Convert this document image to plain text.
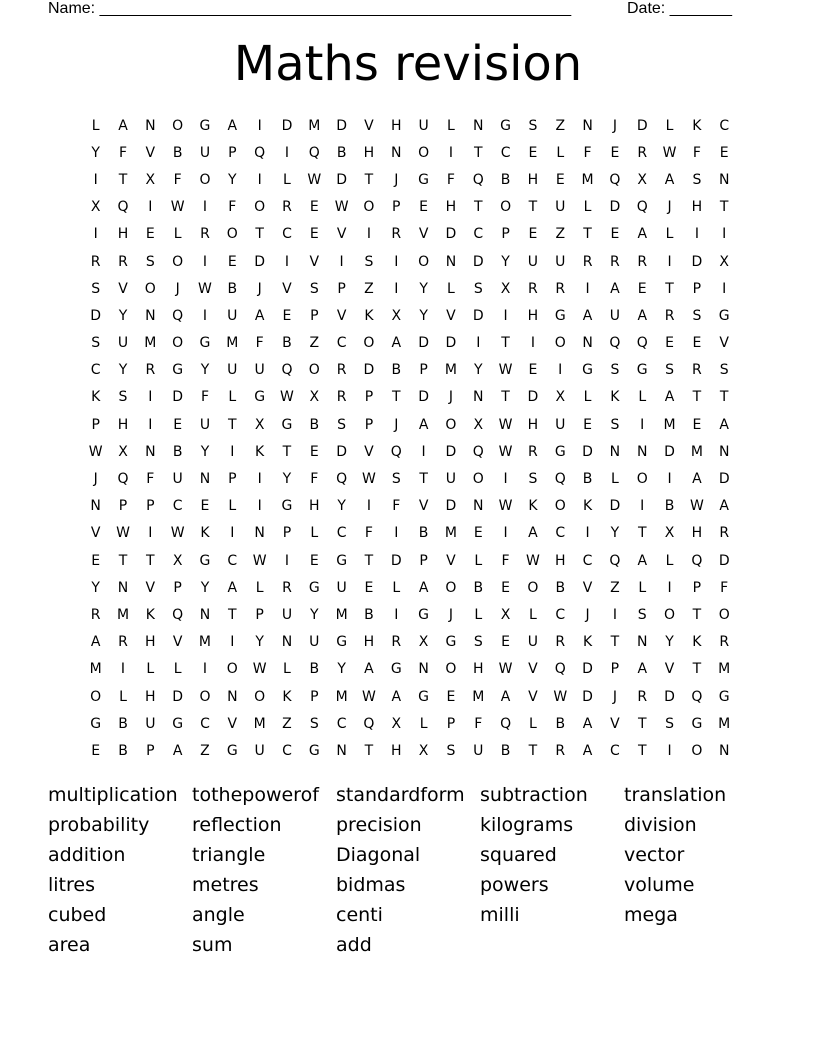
Name: _____________________________________________________	Date: _______
Maths revision
L	A	N	O	G	A	I	D	M	D	V	H	U	L	N	G	S	Z	N	J	D	L	K	C
Y	F	V	B	U	P	Q	I	Q	B	H	N	O	I	T	C	E	L	F	E	R	W	F	E
I	T	X	F	O	Y	I	L	W	D	T	J	G	F	Q	B	H	E	M	Q	X	A	S	N
X	Q	I	W	I	F	O	R	E	W	O	P	E	H	T	O	T	U	L	D	Q	J	H	T
I	H	E	L	R	O	T	C	E	V	I	R	V	D	C	P	E	Z	T	E	A	L	I	I
R	R	S	O	I	E	D	I	V	I	S	I	O	N	D	Y	U	U	R	R	R	I	D	X
S	V	O	J	W	B	J	V	S	P	Z	I	Y	L	S	X	R	R	I	A	E	T	P	I
D	Y	N	Q	I	U	A	E	P	V	K	X	Y	V	D	I	H	G	A	U	A	R	S	G
S	U	M	O	G	M	F	B	Z	C	O	A	D	D	I	T	I	O	N	Q	Q	E	E	V
C	Y	R	G	Y	U	U	Q	O	R	D	B	P	M	Y	W	E	I	G	S	G	S	R	S
K	S	I	D	F	L	G	W	X	R	P	T	D	J	N	T	D	X	L	K	L	A	T	T
P	H	I	E	U	T	X	G	B	S	P	J	A	O	X	W	H	U	E	S	I	M	E	A
W	X	N	B	Y	I	K	T	E	D	V	Q	I	D	Q	W	R	G	D	N	N	D	M	N
J	Q	F	U	N	P	I	Y	F	Q	W	S	T	U	O	I	S	Q	B	L	O	I	A	D
N	P	P	C	E	L	I	G	H	Y	I	F	V	D	N	W	K	O	K	D	I	B	W	A
V	W	I	W	K	I	N	P	L	C	F	I	B	M	E	I	A	C	I	Y	T	X	H	R
E	T	T	X	G	C	W	I	E	G	T	D	P	V	L	F	W	H	C	Q	A	L	Q	D
Y	N	V	P	Y	A	L	R	G	U	E	L	A	O	B	E	O	B	V	Z	L	I	P	F
R	M	K	Q	N	T	P	U	Y	M	B	I	G	J	L	X	L	C	J	I	S	O	T	O
A	R	H	V	M	I	Y	N	U	G	H	R	X	G	S	E	U	R	K	T	N	Y	K	R
M	I	L	L	I	O	W	L	B	Y	A	G	N	O	H	W	V	Q	D	P	A	V	T	M
O	L	H	D	O	N	O	K	P	M	W	A	G	E	M	A	V	W	D	J	R	D	Q	G
G	B	U	G	C	V	M	Z	S	C	Q	X	L	P	F	Q	L	B	A	V	T	S	G	M
E	B	P	A	Z	G	U	C	G	N	T	H	X	S	U	B	T	R	A	C	T	I	O	N
multiplication tothepowerof standardform subtraction	translation
probability	reflection	precision	kilograms	division
addition	triangle	Diagonal	squared	vector
litres	metres	bidmas	powers	volume
cubed	angle	centi	milli	mega
area	sum	add
